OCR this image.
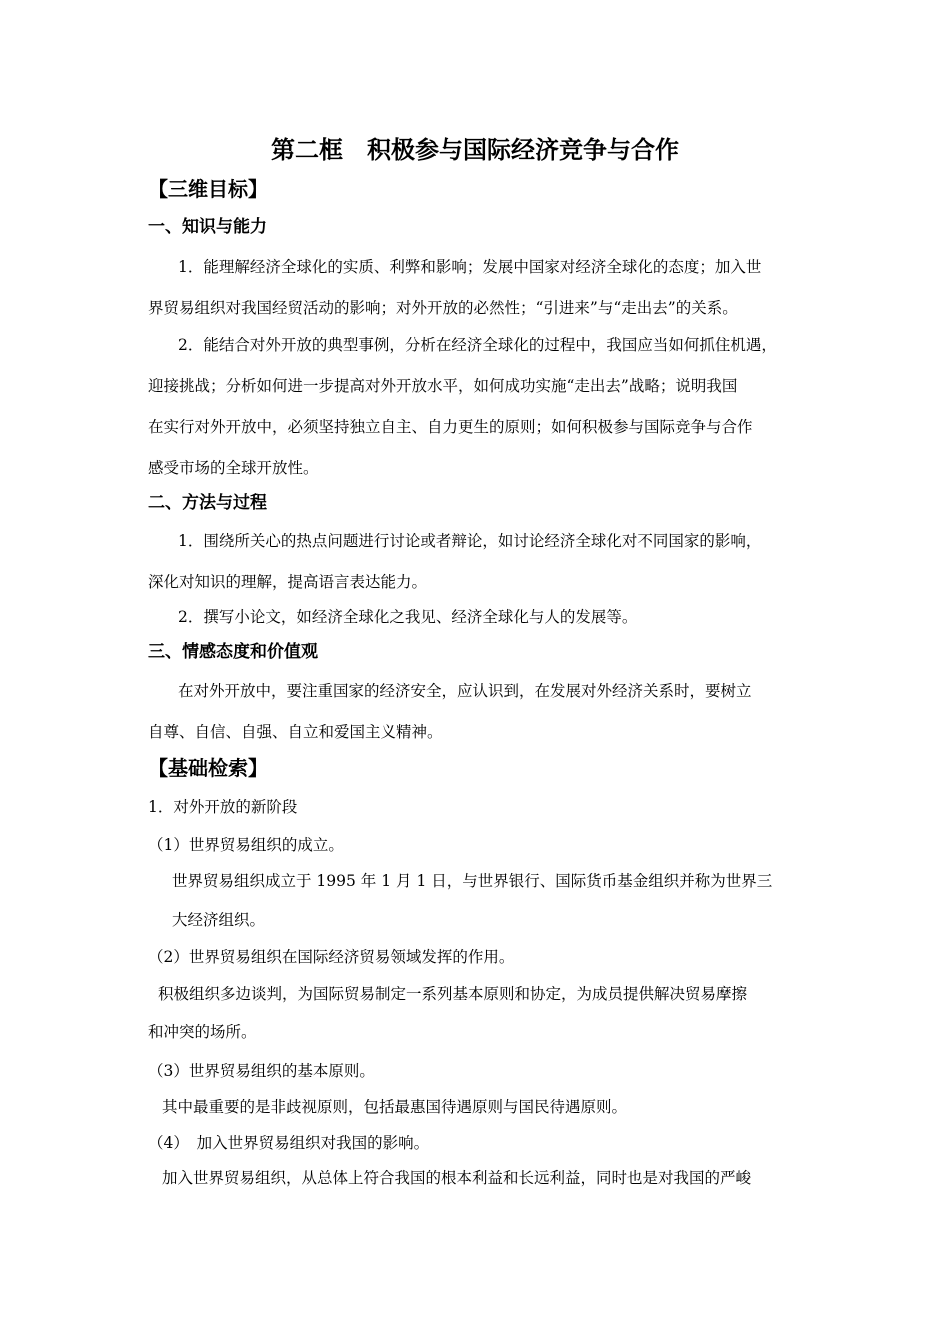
第二框　积极参与国际经济竞争与合作
【三维目标】
一、知识与能力
1．能理解经济全球化的实质、利弊和影响；发展中国家对经济全球化的态度；加入世
界贸易组织对我国经贸活动的影响；对外开放的必然性；“引进来”与“走出去”的关系。
2．能结合对外开放的典型事例，分析在经济全球化的过程中，我国应当如何抓住机遇，
迎接挑战；分析如何进一步提高对外开放水平，如何成功实施“走出去”战略；说明我国
在实行对外开放中，必须坚持独立自主、自力更生的原则；如何积极参与国际竞争与合作
感受市场的全球开放性。
二、方法与过程
1．围绕所关心的热点问题进行讨论或者辩论，如讨论经济全球化对不同国家的影响，
深化对知识的理解，提高语言表达能力。
2．撰写小论文，如经济全球化之我见、经济全球化与人的发展等。
三、情感态度和价值观
在对外开放中，要注重国家的经济安全，应认识到，在发展对外经济关系时，要树立
自尊、自信、自强、自立和爱国主义精神。
【基础检索】
1．对外开放的新阶段
（1）世界贸易组织的成立。
世界贸易组织成立于 1995 年 1 月 1 日，与世界银行、国际货币基金组织并称为世界三
大经济组织。
（2）世界贸易组织在国际经济贸易领域发挥的作用。
积极组织多边谈判，为国际贸易制定一系列基本原则和协定，为成员提供解决贸易摩擦
和冲突的场所。
（3）世界贸易组织的基本原则。
其中最重要的是非歧视原则，包括最惠国待遇原则与国民待遇原则。
（4）　加入世界贸易组织对我国的影响。
加入世界贸易组织，从总体上符合我国的根本利益和长远利益，同时也是对我国的严峻
